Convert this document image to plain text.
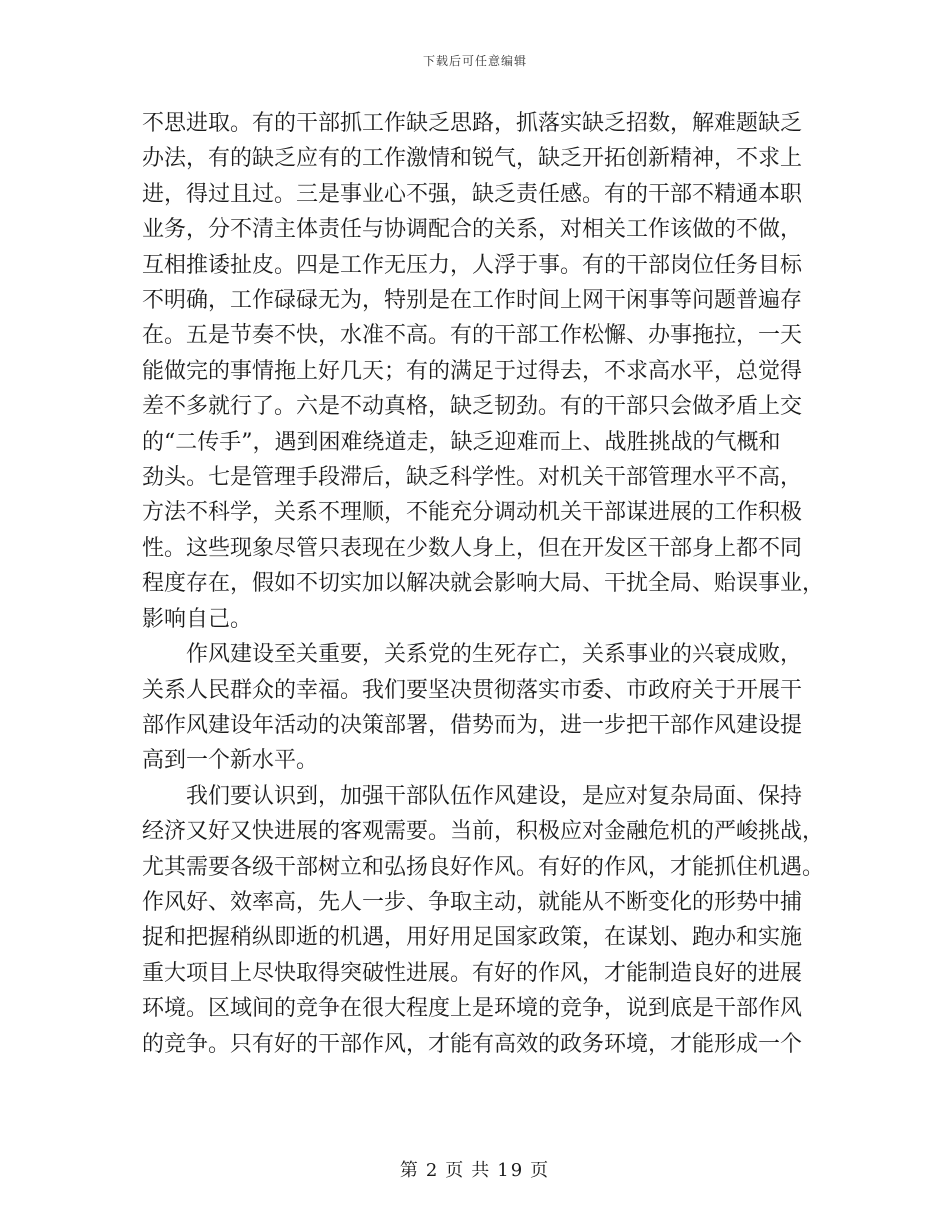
下载后可任意编辑

不思进取。有的干部抓工作缺乏思路，抓落实缺乏招数，解难题缺乏
办法，有的缺乏应有的工作激情和锐气，缺乏开拓创新精神，不求上
进，得过且过。三是事业心不强，缺乏责任感。有的干部不精通本职
业务，分不清主体责任与协调配合的关系，对相关工作该做的不做，
互相推诿扯皮。四是工作无压力，人浮于事。有的干部岗位任务目标
不明确，工作碌碌无为，特别是在工作时间上网干闲事等问题普遍存
在。五是节奏不快，水准不高。有的干部工作松懈、办事拖拉，一天
能做完的事情拖上好几天；有的满足于过得去，不求高水平，总觉得
差不多就行了。六是不动真格，缺乏韧劲。有的干部只会做矛盾上交
的“二传手”，遇到困难绕道走，缺乏迎难而上、战胜挑战的气概和
劲头。七是管理手段滞后，缺乏科学性。对机关干部管理水平不高，
方法不科学，关系不理顺，不能充分调动机关干部谋进展的工作积极
性。这些现象尽管只表现在少数人身上，但在开发区干部身上都不同
程度存在，假如不切实加以解决就会影响大局、干扰全局、贻误事业，
影响自己。

作风建设至关重要，关系党的生死存亡，关系事业的兴衰成败，
关系人民群众的幸福。我们要坚决贯彻落实市委、市政府关于开展干
部作风建设年活动的决策部署，借势而为，进一步把干部作风建设提
高到一个新水平。

我们要认识到，加强干部队伍作风建设，是应对复杂局面、保持
经济又好又快进展的客观需要。当前，积极应对金融危机的严峻挑战，
尤其需要各级干部树立和弘扬良好作风。有好的作风，才能抓住机遇。
作风好、效率高，先人一步、争取主动，就能从不断变化的形势中捕
捉和把握稍纵即逝的机遇，用好用足国家政策，在谋划、跑办和实施
重大项目上尽快取得突破性进展。有好的作风，才能制造良好的进展
环境。区域间的竞争在很大程度上是环境的竞争，说到底是干部作风
的竞争。只有好的干部作风，才能有高效的政务环境，才能形成一个

第 2 页 共 19 页
